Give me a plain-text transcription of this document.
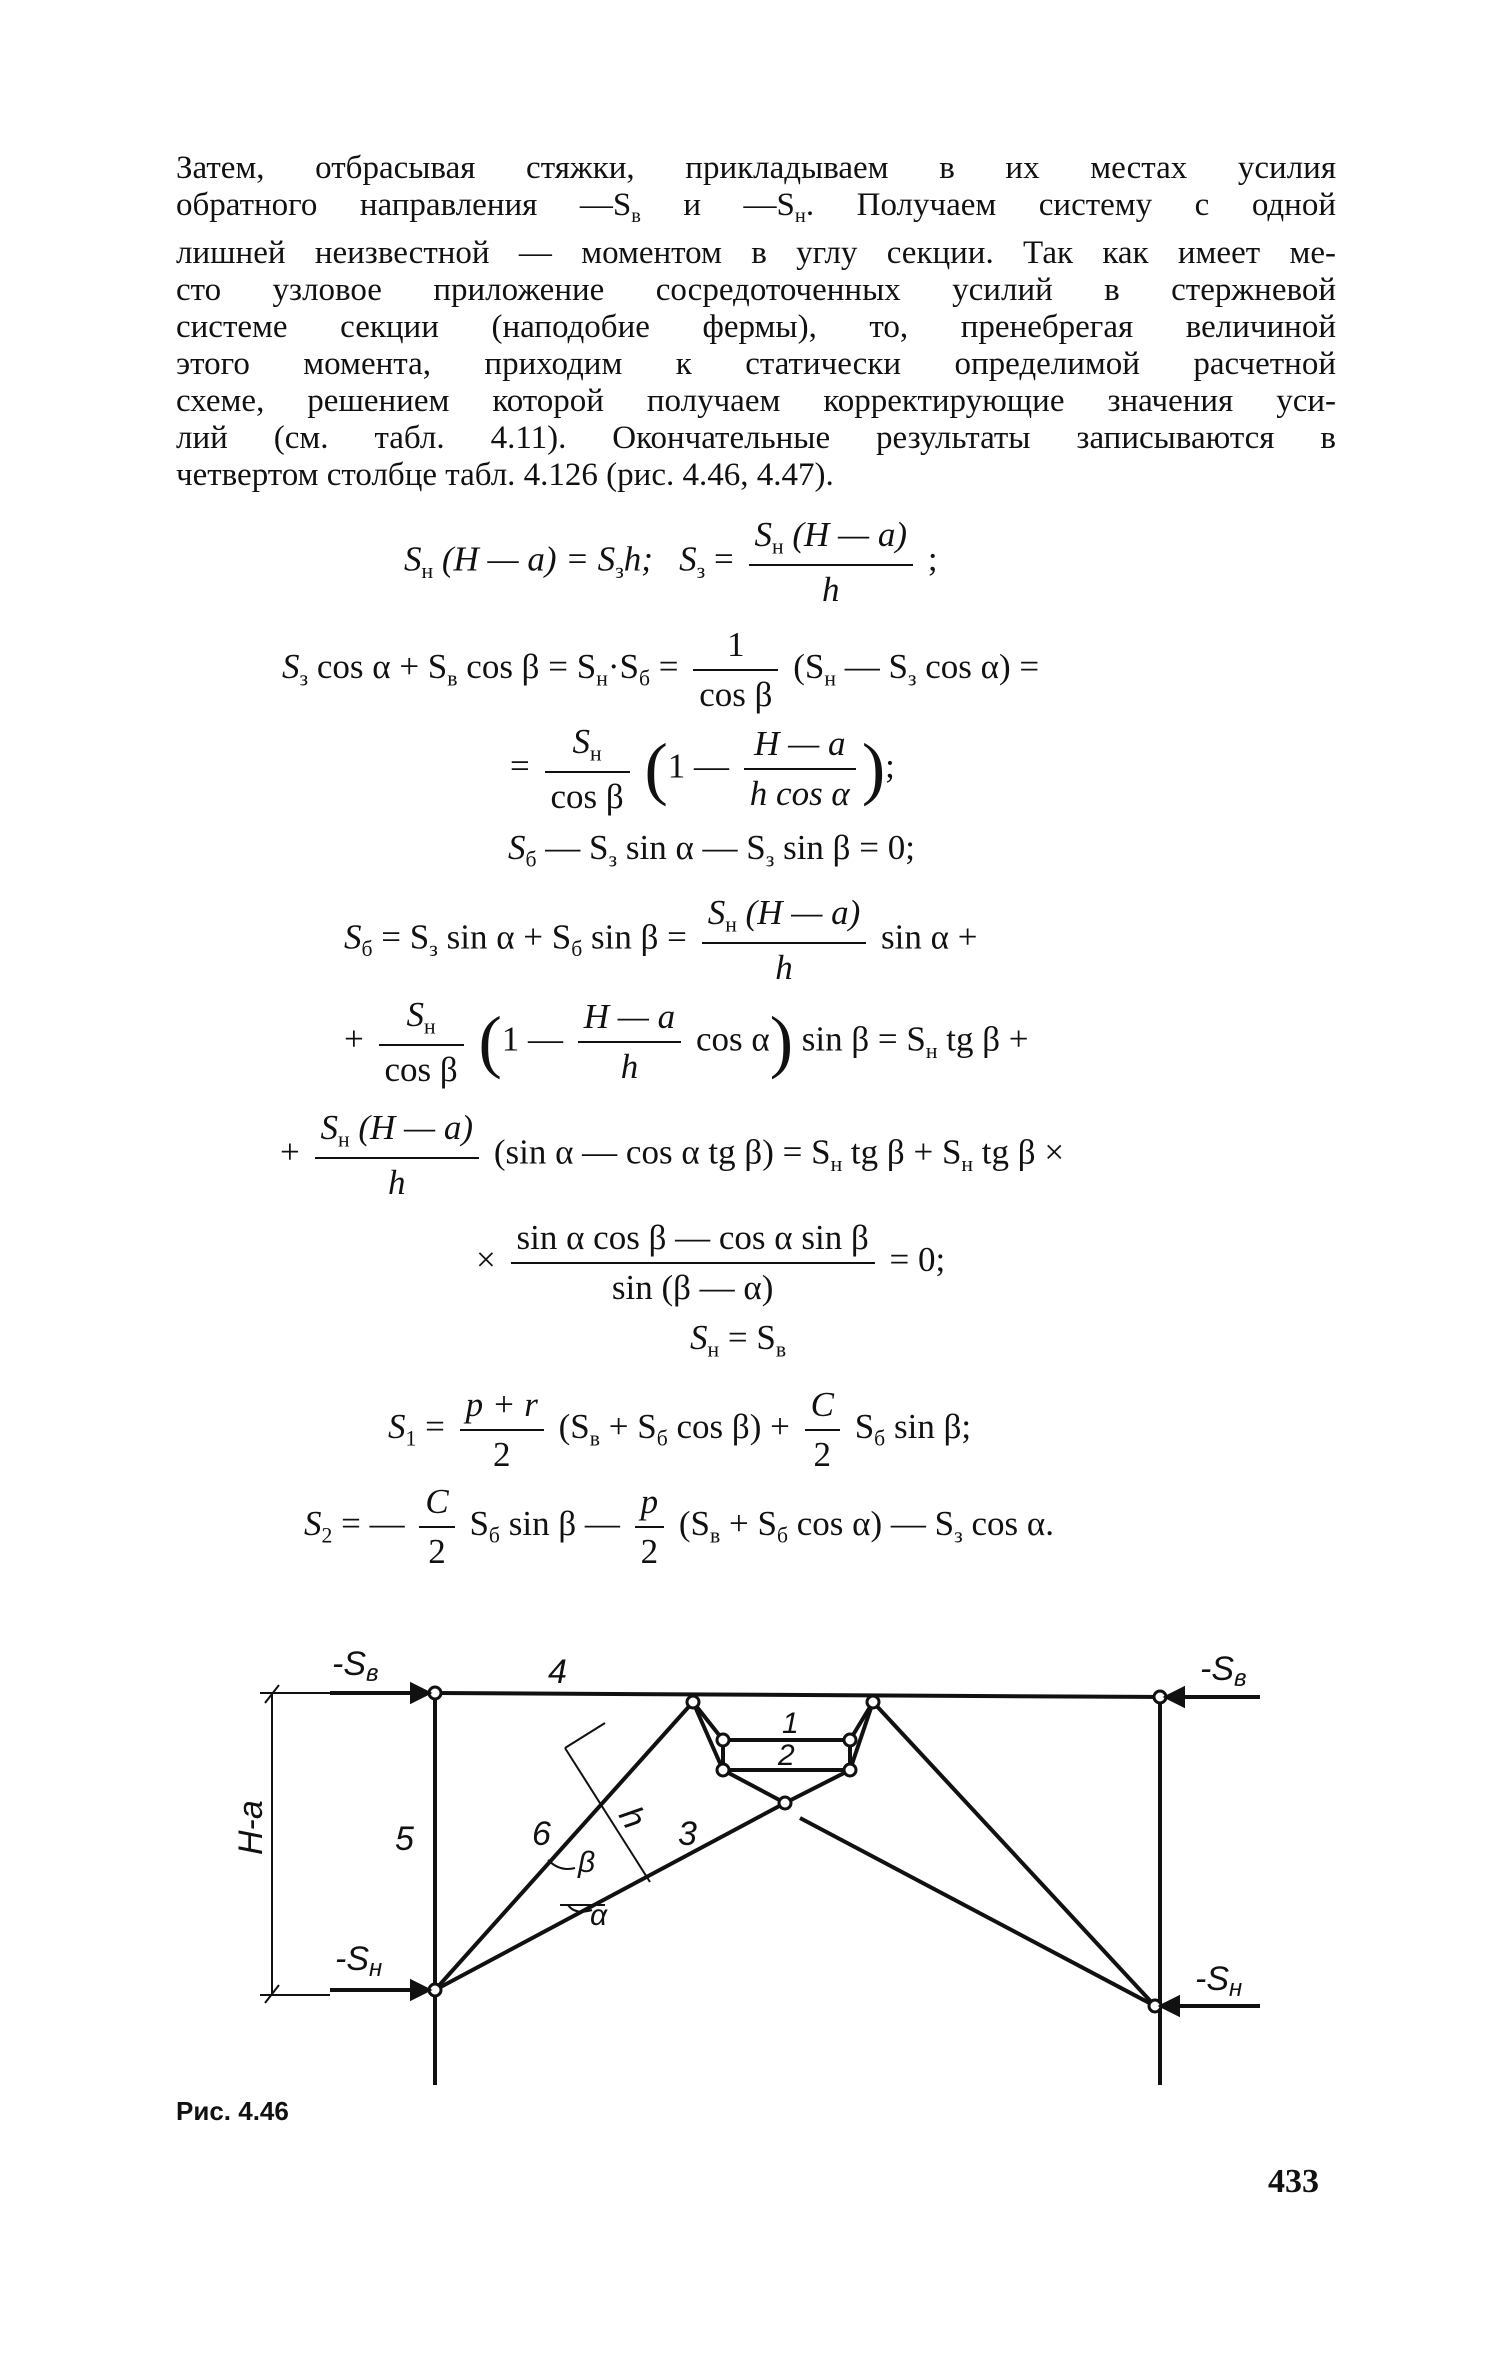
Затем, отбрасывая стяжки, прикладываем в их местах усилия
обратного направления $—S_в$ и $—S_н$. Получаем систему с одной
лишней неизвестной — моментом в углу секции. Так как имеет ме-
сто узловое приложение сосредоточенных усилий в стержневой
системе секции (наподобие фермы), то, пренебрегая величиной
этого момента, приходим к статически определимой расчетной
схеме, решением которой получаем корректирующие значения уси-
лий (см. табл. 4.11). Окончательные результаты записываются в
четвертом столбце табл. 4.126 (рис. 4.46, 4.47).
$S_н$ (H — $a) = S_зh$; $S_з = \frac{S_н (H — a)}{h}$ ;
$S_з$ $\cos \alpha + S_в$ $\cos \beta = S_н\cdot S_б = \frac{1}{\text{cos β}} (S_н$ — $S_з$ cos α) =
= $\frac{S_н}{\text{cos β}} (1$ — $\frac{H — a}{\text{h cos α}}$ );
$S_б$ — $S_з$ sin α — $S_з$ sin β = 0;
$S_б = S_з$ $\sin \alpha + S_б$ $\sin \beta = \frac{S_н (H — a)}{h}$ sin α +
+ $\frac{S_н}{\text{cos β}} (1$ — $\frac{H — a}{h}$ cos α) $\sin \beta = S_н$ tg β +
+ $\frac{S_н (H — a)}{h} (\sin$ α — cos α tg $\beta) = S_н$ tg $\beta + S_н$ tg β ×
× $\frac{\text{sin α cos β — cos α sin β}}{\sin (\beta — \alpha)} = 0$;
$S_н = S_в$
$S_1 = \frac{p + r}{2} (S_в + S_б$ $\cos \beta) + \frac{C}{2} S_б$ sin β;
$S_2$ = — $\frac{C}{2} S_б$ sin β — $\frac{p}{2} (S_в + S_б$ cos α) — $S_з$ cos α.
-Sв	-Sв
-Sн	-Sн
H-a
4
1
2
5	6	3
h
β
α
Рис. 4.46
433
